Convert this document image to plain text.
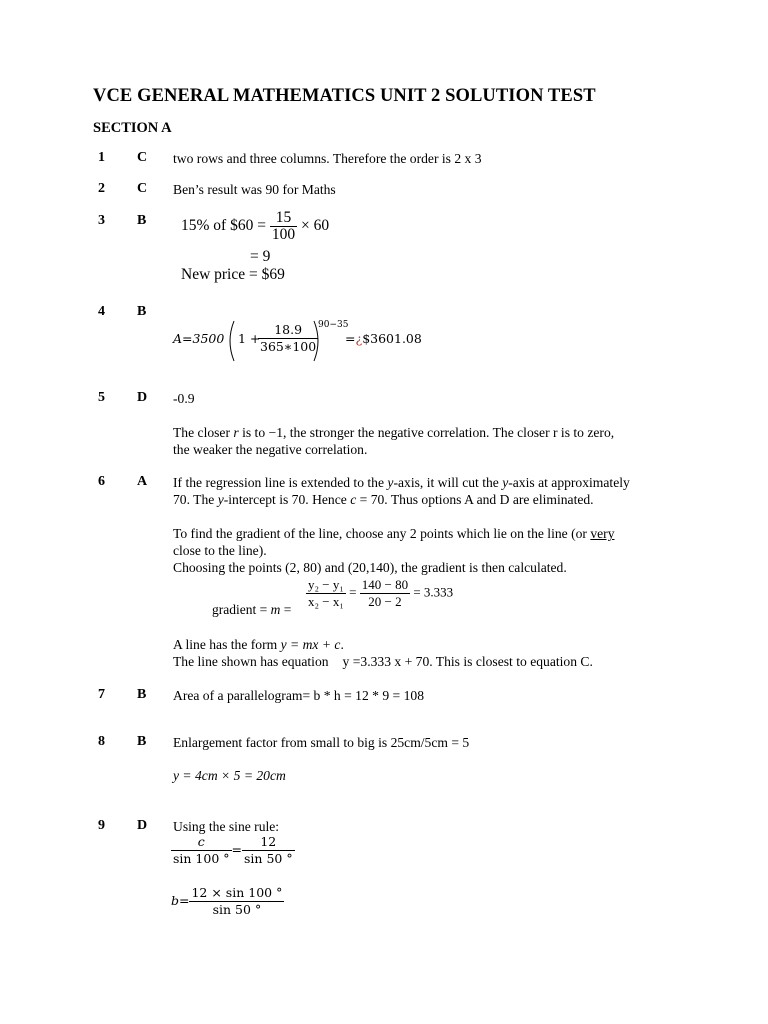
VCE GENERAL MATHEMATICS UNIT 2 SOLUTION TEST
SECTION A
1 C two rows and three columns. Therefore the order is 2 x 3
2 C Ben’s result was 90 for Maths
3 B 15% of $60 = $\frac{15}{100} \times 60$
= 9
New price = $69
4 B
A=3500 1 +
$\frac{18.9}{365∗100} 90-35$
=¿$3601.08
5 D -0.9
The closer r is to −1, the stronger the negative correlation. The closer r is to zero,
the weaker the negative correlation.
6 A If the regression line is extended to the y-axis, it will cut the y-axis at approximately
70. The y-intercept is 70. Hence c = 70. Thus options A and D are eliminated.
To find the gradient of the line, choose any 2 points which lie on the line (or very
close to the line).
Choosing the points (2, 80) and (20,140), the gradient is then calculated.
gradient = $m = \frac{\text{y₂ − y₁}}{\text{x₂ − x₁}} = \frac{140 - 80}{20 - 2} = 3.333$
A line has the form y = mx + c.
The line shown has equation y =3.333 x + 70. This is closest to equation C.
7 B Area of a parallelogram= b * h = 12 * 9 = 108
8 B Enlargement factor from small to big is 25cm/5cm = 5
y = 4cm × 5 = 20cm
9 D Using the sine rule:
$\frac{c}{\sin 100 ^\circ} = \frac{12}{\sin 50 ^\circ}$
$b= \frac{12 \times \sin 100 ^\circ}{\sin 50 ^\circ}$
